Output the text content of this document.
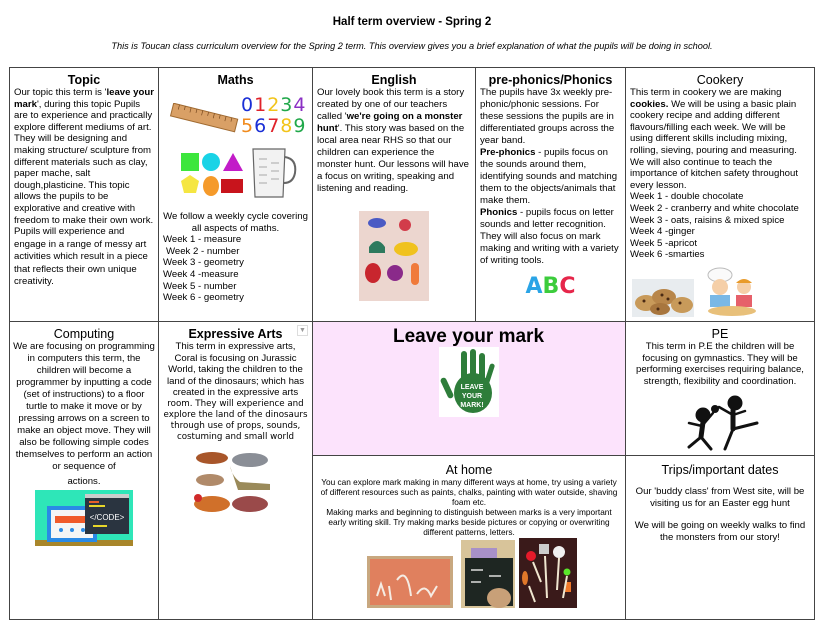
Half term overview - Spring 2
This is Toucan class curriculum overview for the Spring 2 term. This overview gives you a brief explanation of what the pupils will be doing in school.
Leave your mark
LEAVE
YOUR
MARK!
Topic

Our topic this term is 'leave your mark', during this topic Pupils are to experience and practically explore different mediums of art. They will be designing and making structure/ sculpture from different materials such as clay, paper mache, salt dough,plasticine. This topic allows the pupils to be explorative and creative with freedom to make their own work.

Pupils will experience and engage in a range of messy art activities which result in a piece that reflects their own unique creativity.

Maths
01234
56789
We follow a weekly cycle covering all aspects of maths.
Week 1 - measure
Week 2 - number
Week 3 - geometry
Week 4 -measure
Week 5 - number
Week 6 - geometry
English

Our lovely book this term is a story created by one of our teachers called 'we're going on a monster hunt'. This story was based on the local area near RHS so that our children can experience the monster hunt. Our lessons will have a focus on writing, speaking and listening and reading.

pre-phonics/Phonics

The pupils have 3x weekly pre-phonic/phonic sessions. For these sessions the pupils are in differentiated groups across the year band.

Pre-phonics - pupils focus on the sounds around them, identifying sounds and matching them to the objects/animals that make them.

Phonics - pupils focus on letter sounds and letter recognition. They will also focus on mark making and writing with a variety of writing tools.

ABC
Cookery

This term in cookery we are making cookies. We will be using a basic plain cookery recipe and adding different flavours/filling each week. We will be using different skills including mixing, rolling, sieving, pouring and measuring. We will also continue to teach the importance of kitchen safety throughout every lesson.

Week 1 - double chocolate
Week 2 - cranberry and white chocolate
Week 3 - oats, raisins & mixed spice
Week 4 -ginger
Week 5 -apricot
Week 6 -smarties
Computing

We are focusing on programming in computers this term, the children will become a programmer by inputting a code (set of instructions) to a floor turtle to make it move or by pressing arrows on a screen to make an object move. They will also be following simple codes themselves to perform an action or sequence of

actions.

</CODE>
▼
Expressive Arts

This term in expressive arts, Coral is focusing on Jurassic World, taking the children to the land of the dinosaurs; which has created in the expressive arts

room. They will experience and explore the land of the dinosaurs through use of props, sounds, costuming and small world

PE

This term in P.E the children will be focusing on gymnastics. They will be performing exercises requiring balance, strength, flexibility and coordination.

At home

You can explore mark making in many different ways at home, try using a variety of different resources such as paints, chalks, painting with water outside, shaving foam etc.

Making marks and beginning to distinguish between marks is a very important early writing skill. Try making marks beside pictures or copying or overwriting different patterns, letters.

Trips/important dates

Our 'buddy class' from West site, will be visiting us for an Easter egg hunt

We will be going on weekly walks to find the monsters from our story!
